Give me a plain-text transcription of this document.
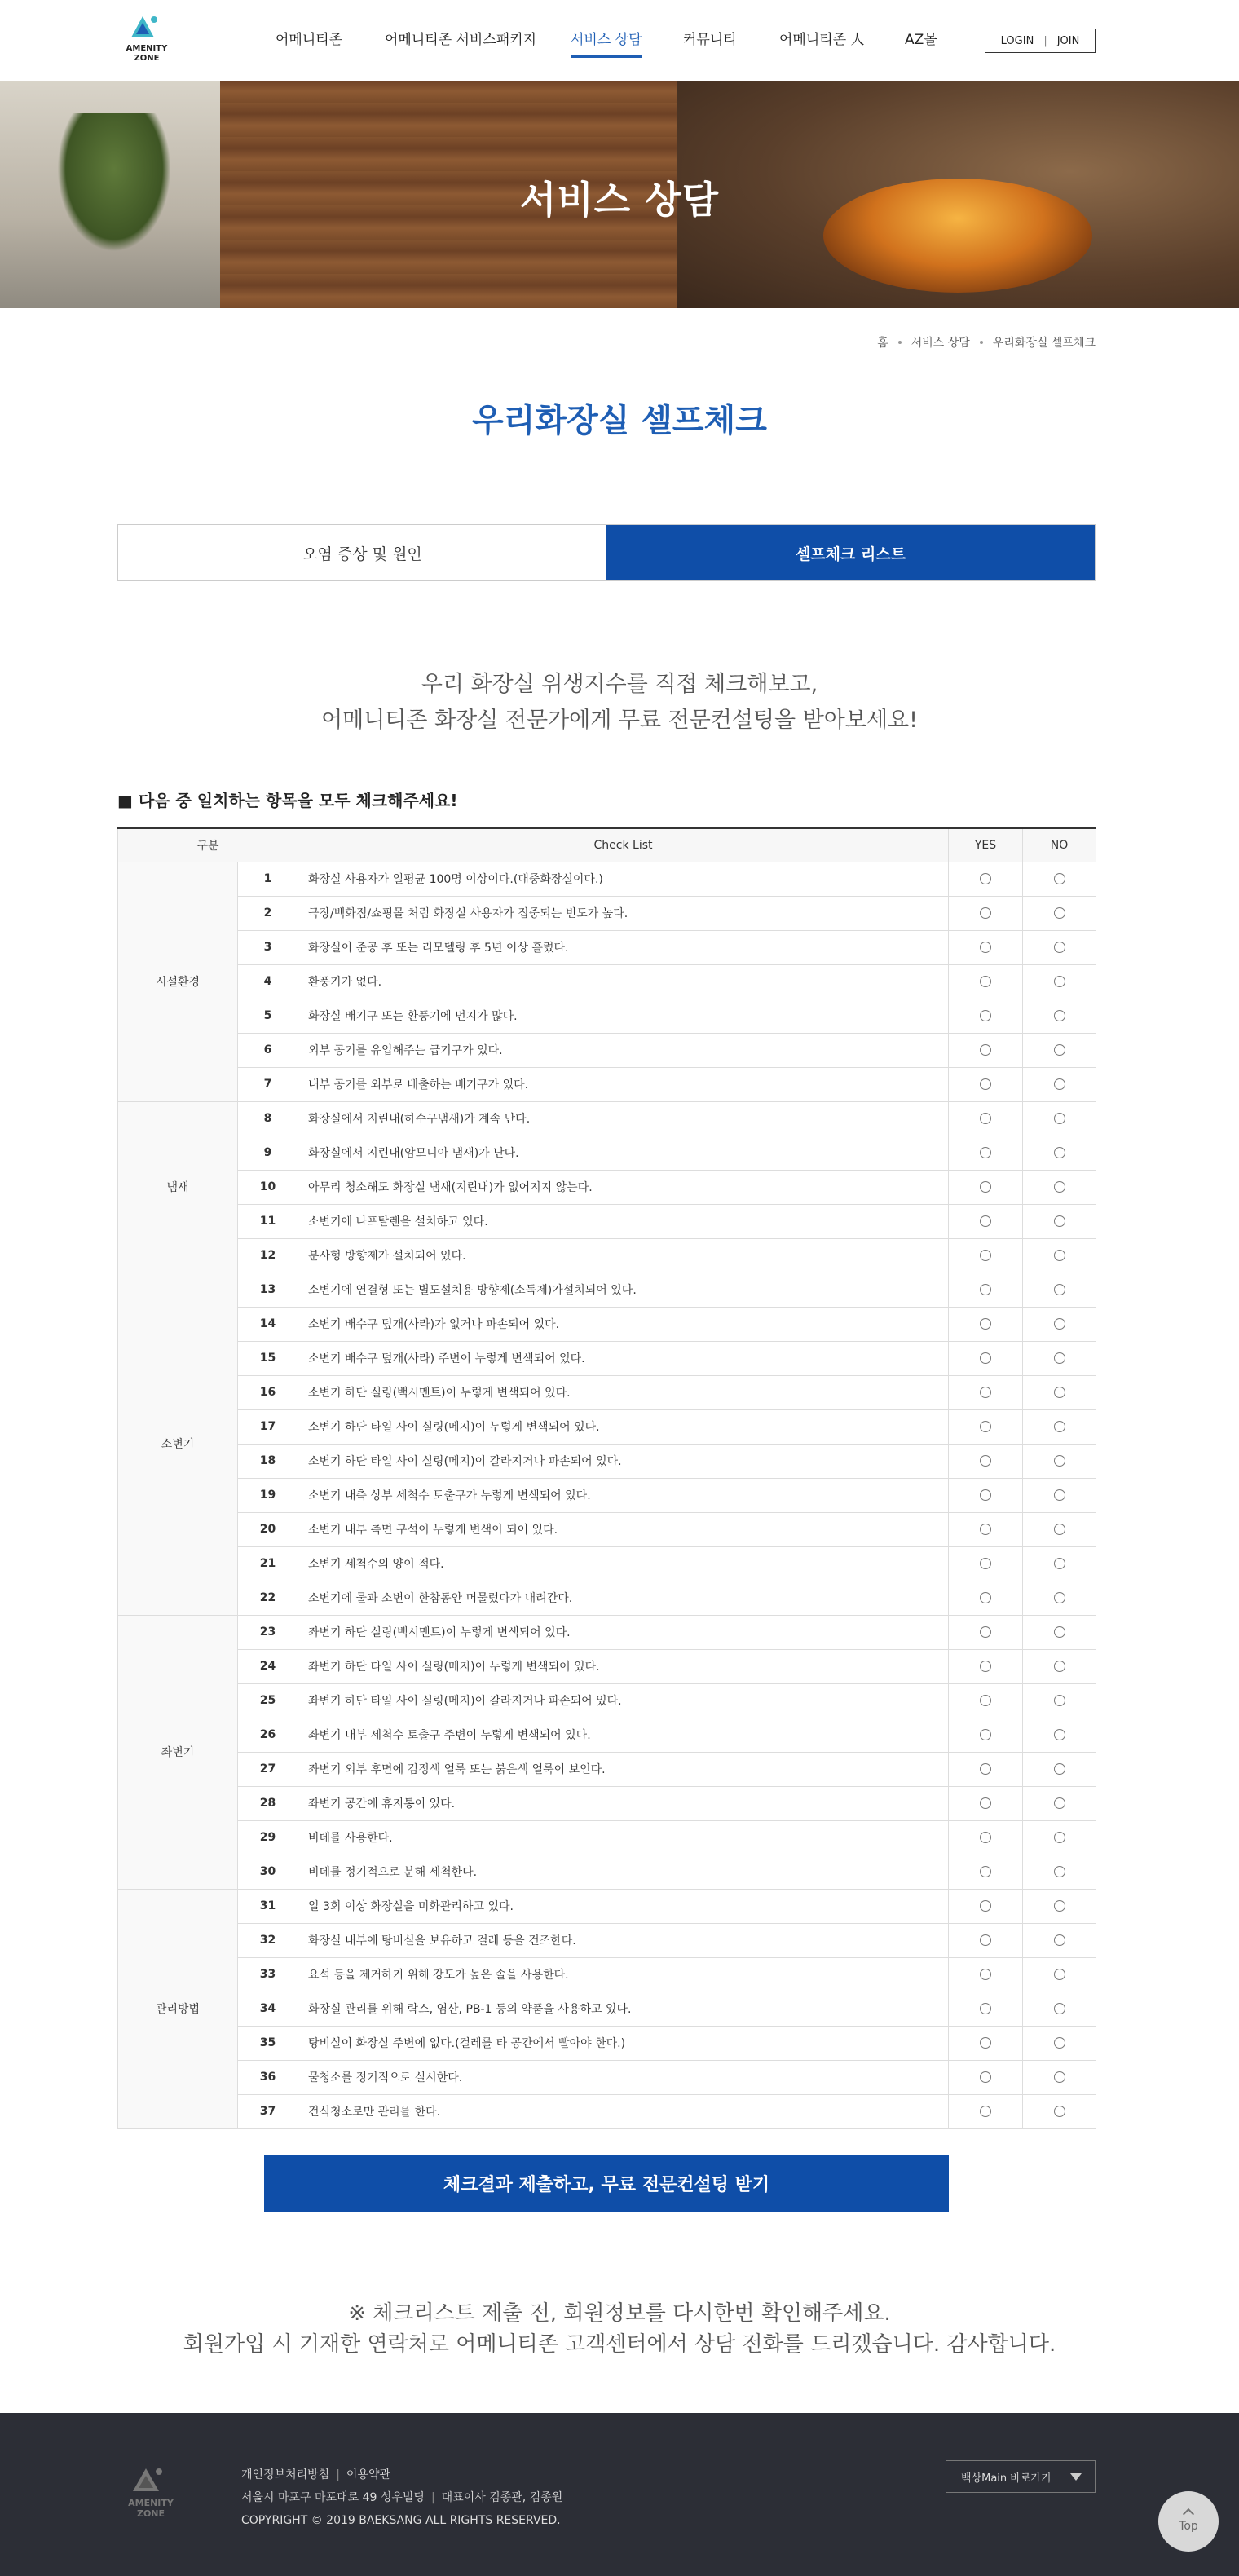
AMENITY
ZONE
어메니티존	어메니티존 서비스패키지 서비스 상담	커뮤니티	어메니티존 人	AZ몰	LOGIN | JOIN
서비스 상담
홈 서비스 상담 우리화장실 셀프체크
우리화장실 셀프체크
오염 증상 및 원인	셀프체크 리스트
우리 화장실 위생지수를 직접 체크해보고,
어메니티존 화장실 전문가에게 무료 전문컨설팅을 받아보세요!
■ 다음 중 일치하는 항목을 모두 체크해주세요!
구분		Check List	YES	NO
시설환경	1	화장실 사용자가 일평균 100명 이상이다.(대중화장실이다.)		
	2	극장/백화점/쇼핑몰 처럼 화장실 사용자가 집중되는 빈도가 높다.		
	3	화장실이 준공 후 또는 리모델링 후 5년 이상 흘렀다.		
	4	환풍기가 없다.		
	5	화장실 배기구 또는 환풍기에 먼지가 많다.		
	6	외부 공기를 유입해주는 급기구가 있다.		
	7	내부 공기를 외부로 배출하는 배기구가 있다.		
냄새	8	화장실에서 지린내(하수구냄새)가 계속 난다.		
	9	화장실에서 지린내(암모니아 냄새)가 난다.		
	10	아무리 청소해도 화장실 냄새(지린내)가 없어지지 않는다.		
	11	소변기에 나프탈렌을 설치하고 있다.		
	12	분사형 방향제가 설치되어 있다.		
소변기	13	소변기에 연결형 또는 별도설치용 방향제(소독제)가설치되어 있다.		
	14	소변기 배수구 덮개(사라)가 없거나 파손되어 있다.		
	15	소변기 배수구 덮개(사라) 주변이 누렇게 변색되어 있다.		
	16	소변기 하단 실링(백시멘트)이 누렇게 변색되어 있다.		
	17	소변기 하단 타일 사이 실링(메지)이 누렇게 변색되어 있다.		
	18	소변기 하단 타일 사이 실링(메지)이 갈라지거나 파손되어 있다.		
	19	소변기 내측 상부 세척수 토출구가 누렇게 변색되어 있다.		
	20	소변기 내부 측면 구석이 누렇게 변색이 되어 있다.		
	21	소변기 세척수의 양이 적다.		
	22	소변기에 물과 소변이 한참동안 머물렀다가 내려간다.		
좌변기	23	좌변기 하단 실링(백시멘트)이 누렇게 변색되어 있다.		
	24	좌변기 하단 타일 사이 실링(메지)이 누렇게 변색되어 있다.		
	25	좌변기 하단 타일 사이 실링(메지)이 갈라지거나 파손되어 있다.		
	26	좌변기 내부 세척수 토출구 주변이 누렇게 변색되어 있다.		
	27	좌변기 외부 후면에 검정색 얼룩 또는 붉은색 얼룩이 보인다.		
	28	좌변기 공간에 휴지통이 있다.		
	29	비데를 사용한다.		
	30	비데를 정기적으로 분해 세척한다.		
관리방법	31	일 3회 이상 화장실을 미화관리하고 있다.		
	32	화장실 내부에 탕비실을 보유하고 걸레 등을 건조한다.		
	33	요석 등을 제거하기 위해 강도가 높은 솔을 사용한다.		
	34	화장실 관리를 위해 락스, 염산, PB-1 등의 약품을 사용하고 있다.		
	35	탕비실이 화장실 주변에 없다.(걸레를 타 공간에서 빨아야 한다.)		
	36	물청소를 정기적으로 실시한다.		
	37	건식청소로만 관리를 한다.		
체크결과 제출하고, 무료 전문컨설팅 받기
※ 체크리스트 제출 전, 회원정보를 다시한번 확인해주세요.
회원가입 시 기재한 연락처로 어메니티존 고객센터에서 상담 전화를 드리겠습니다. 감사합니다.
AMENITY
ZONE
개인정보처리방침 | 이용약관
서울시 마포구 마포대로 49 성우빌딩 | 대표이사 김종관, 김종원
COPYRIGHT © 2019 BAEKSANG ALL RIGHTS RESERVED.
백상Main 바로가기
Top
